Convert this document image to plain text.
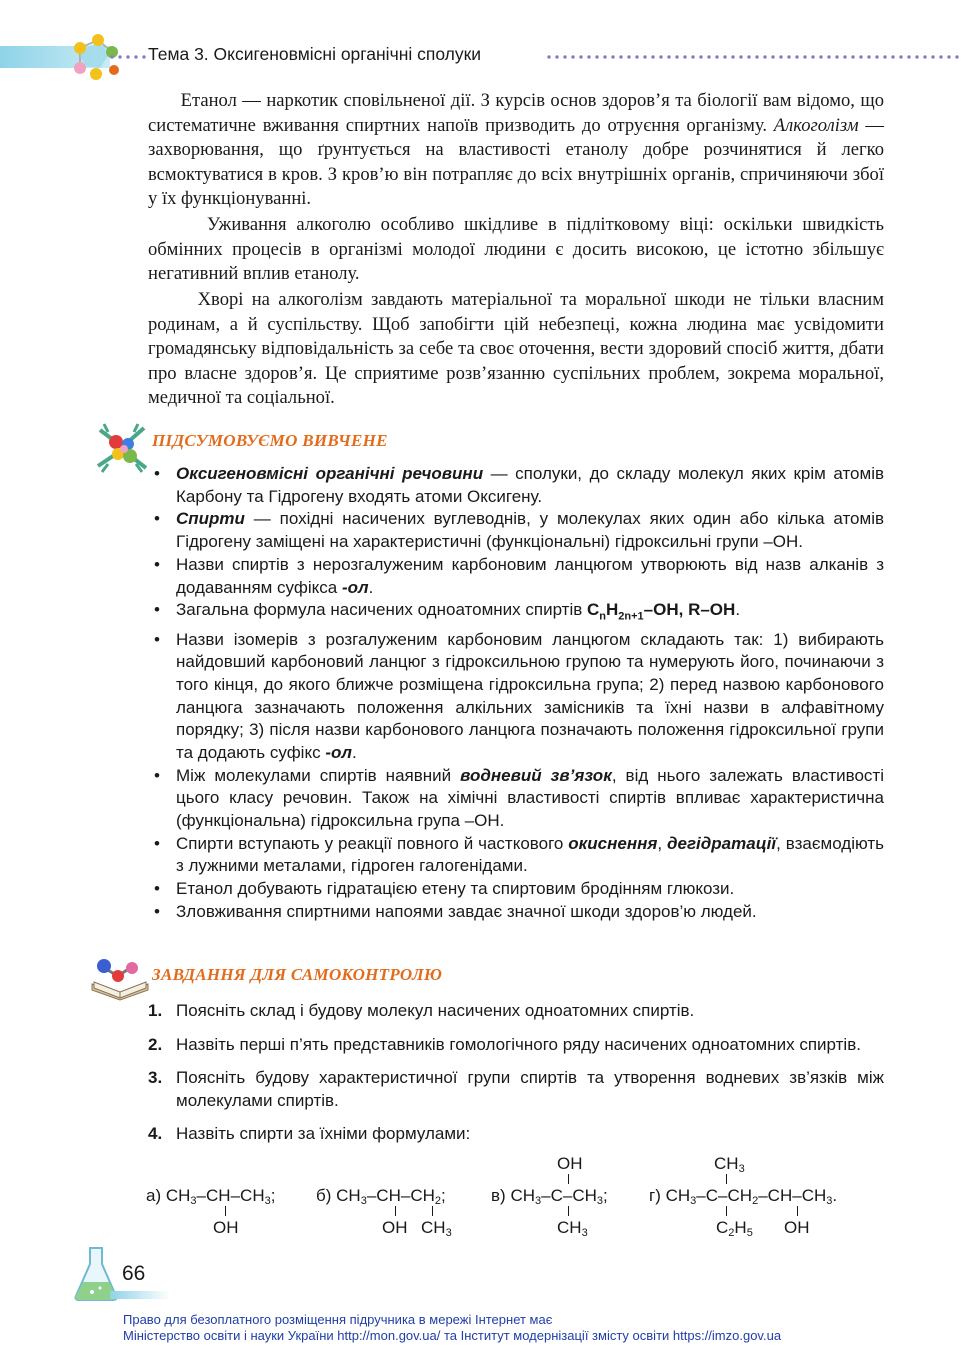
Тема 3. Оксигеновмісні органічні сполуки
Етанол — наркотик сповільненої дії. З курсів основ здоров’я та біології вам відомо, що систематичне вживання спиртних напоїв призводить до отруєння організму. Алкоголізм — захворювання, що ґрунтується на властивості етанолу добре розчинятися й легко всмоктуватися в кров. З кров’ю він потрапляє до всіх внутрішніх органів, спричиняючи збої у їх функціонуванні.
Уживання алкоголю особливо шкідливе в підлітковому віці: оскільки швидкість обмінних процесів в організмі молодої людини є досить високою, це істотно збільшує негативний вплив етанолу.
Хворі на алкоголізм завдають матеріальної та моральної шкоди не тільки власним родинам, а й суспільству. Щоб запобігти цій небезпеці, кожна людина має усвідомити громадянську відповідальність за себе та своє оточення, вести здоровий спосіб життя, дбати про власне здоров’я. Це сприятиме розв’язанню суспільних проблем, зокрема моральної, медичної та соціальної.
ПІДСУМОВУЄМО ВИВЧЕНЕ
• Оксигеновмісні органічні речовини — сполуки, до складу молекул яких крім атомів Карбону та Гідрогену входять атоми Оксигену.
• Спирти — похідні насичених вуглеводнів, у молекулах яких один або кілька атомів Гідрогену заміщені на характеристичні (функціональні) гідроксильні групи –ОН.
• Назви спиртів з нерозгалуженим карбоновим ланцюгом утворюють від назв алканів з додаванням суфікса -ол.
• Загальна формула насичених одноатомних спиртів $C_nH_{2n+1}-OH$, R–OH.
• Назви ізомерів з розгалуженим карбоновим ланцюгом складають так: 1) вибирають найдовший карбоновий ланцюг з гідроксильною групою та нумерують його, починаючи з того кінця, до якого ближче розміщена гідроксильна група; 2) перед назвою карбонового ланцюга зазначають положення алкільних замісників та їхні назви в алфавітному порядку; 3) після назви карбонового ланцюга позначають положення гідроксильної групи та додають суфікс -ол.
• Між молекулами спиртів наявний водневий зв’язок, від нього залежать властивості цього класу речовин. Також на хімічні властивості спиртів впливає характеристична (функціональна) гідроксильна група –ОН.
• Спирти вступають у реакції повного й часткового окиснення, дегідратації, взаємодіють з лужними металами, гідроген галогенідами.
• Етанол добувають гідратацією етену та спиртовим бродінням глюкози.
• Зловживання спиртними напоями завдає значної шкоди здоров’ю людей.
ЗАВДАННЯ ДЛЯ САМОКОНТРОЛЮ
1. Поясніть склад і будову молекул насичених одноатомних спиртів.
2. Назвіть перші п’ять представників гомологічного ряду насичених одноатомних спиртів.
3. Поясніть будову характеристичної групи спиртів та утворення водневих зв’язків між молекулами спиртів.
4. Назвіть спирти за їхніми формулами:
а) $CH_3-CH-CH_3$;
OH
б) $CH_3-CH-CH_2$;
OH $CH_3$
OH
в) $CH_3-C-CH_3$;
$CH_3$
$CH_3$
г) $CH_3-C-CH_2-CH-CH_3$.
$C_2H_5$ OH
66
Право для безоплатного розміщення підручника в мережі Інтернет має
Міністерство освіти і науки України http://mon.gov.ua/ та Інститут модернізації змісту освіти https://imzo.gov.ua
